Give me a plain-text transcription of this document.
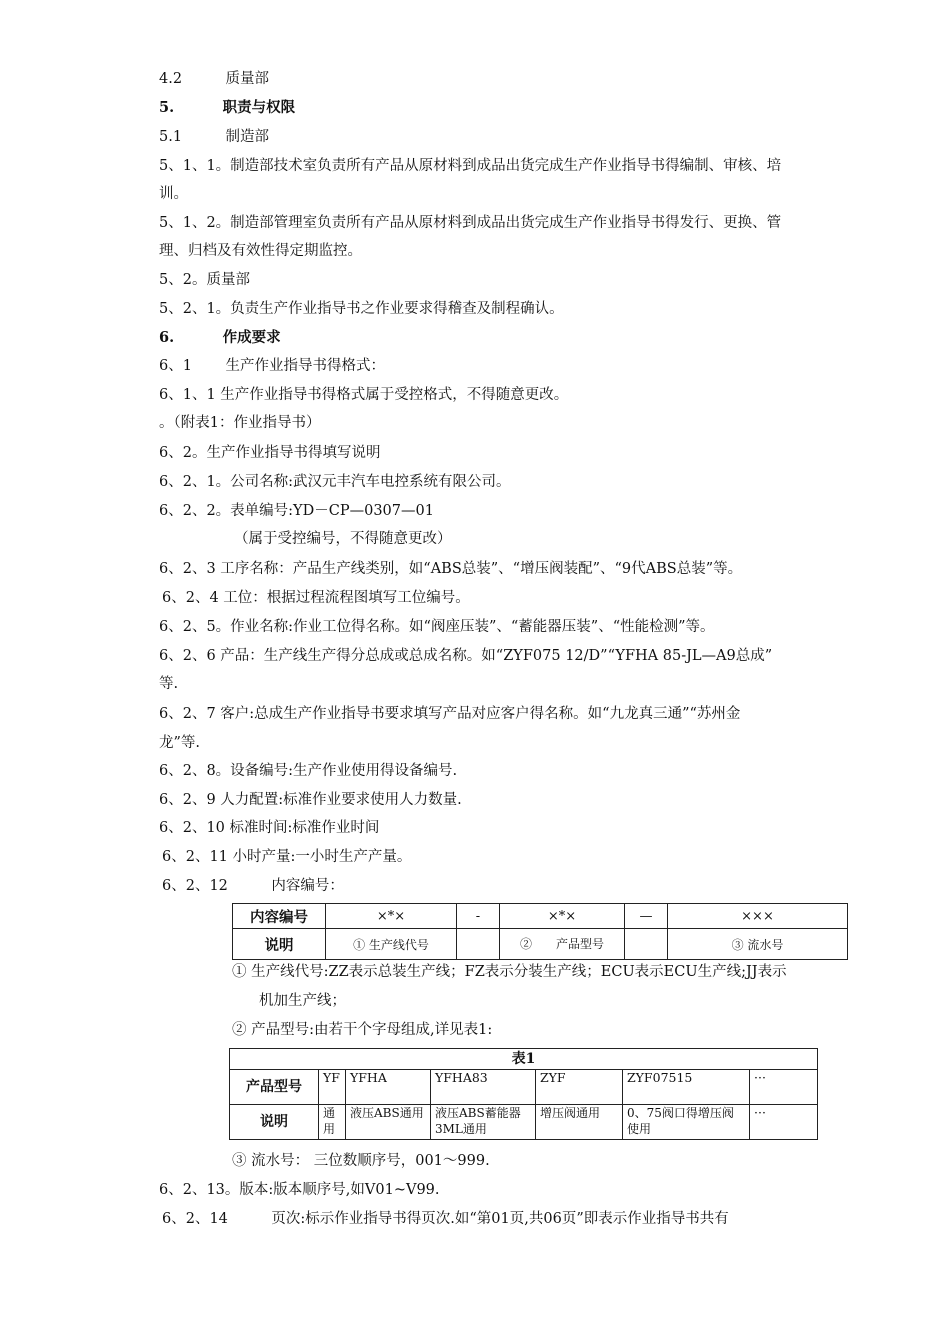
4.2　　　质量部
5.　　　 职责与权限
5.1　　　制造部
5、1、1。制造部技术室负责所有产品从原材料到成品出货完成生产作业指导书得编制、审核、培
训。
5、1、2。制造部管理室负责所有产品从原材料到成品出货完成生产作业指导书得发行、更换、管
理、归档及有效性得定期监控。
5、2。质量部
5、2、1。负责生产作业指导书之作业要求得稽查及制程确认。
6.　　　 作成要求
6、1　　 生产作业指导书得格式：
6、1、1 生产作业指导书得格式属于受控格式，不得随意更改。
。（附表1：作业指导书）
6、2。生产作业指导书得填写说明
6、2、1。公司名称:武汉元丰汽车电控系统有限公司。
6、2、2。表单编号:YD－CP—0307—01
（属于受控编号，不得随意更改）
6、2、3 工序名称：产品生产线类别，如“ABS总装”、“增压阀装配”、“9代ABS总装”等。
6、2、4 工位：根据过程流程图填写工位编号。
6、2、5。作业名称:作业工位得名称。如“阀座压装”、“蓄能器压装”、“性能检测”等。
6、2、6 产品：生产线生产得分总成或总成名称。如“ZYF075 12/D”“YFHA 85-JL—A9总成”
等.
6、2、7 客户:总成生产作业指导书要求填写产品对应客户得名称。如“九龙真三通”“苏州金
龙”等.
6、2、8。设备编号:生产作业使用得设备编号.
6、2、9 人力配置:标准作业要求使用人力数量.
6、2、10 标准时间:标准作业时间
6、2、11 小时产量:一小时生产产量。
6、2、12　　　内容编号：
内容编号	×*×	-	×*×	—	×××
说明	① 生产线代号		②　　产品型号		③ 流水号
① 生产线代号:ZZ表示总装生产线；FZ表示分装生产线；ECU表示ECU生产线;JJ表示
机加生产线；
② 产品型号:由若干个字母组成,详见表1:
表1						
产品型号	YF	YFHA	YFHA83	ZYF	ZYF07515	···
说明	通用	液压ABS通用	液压ABS蓄能器3ML通用	增压阀通用	0、75阀口得增压阀使用	···
③ 流水号： 三位数顺序号，001～999.
6、2、13。版本:版本顺序号,如V01~V99.
6、2、14　　　页次:标示作业指导书得页次.如“第01页,共06页”即表示作业指导书共有
